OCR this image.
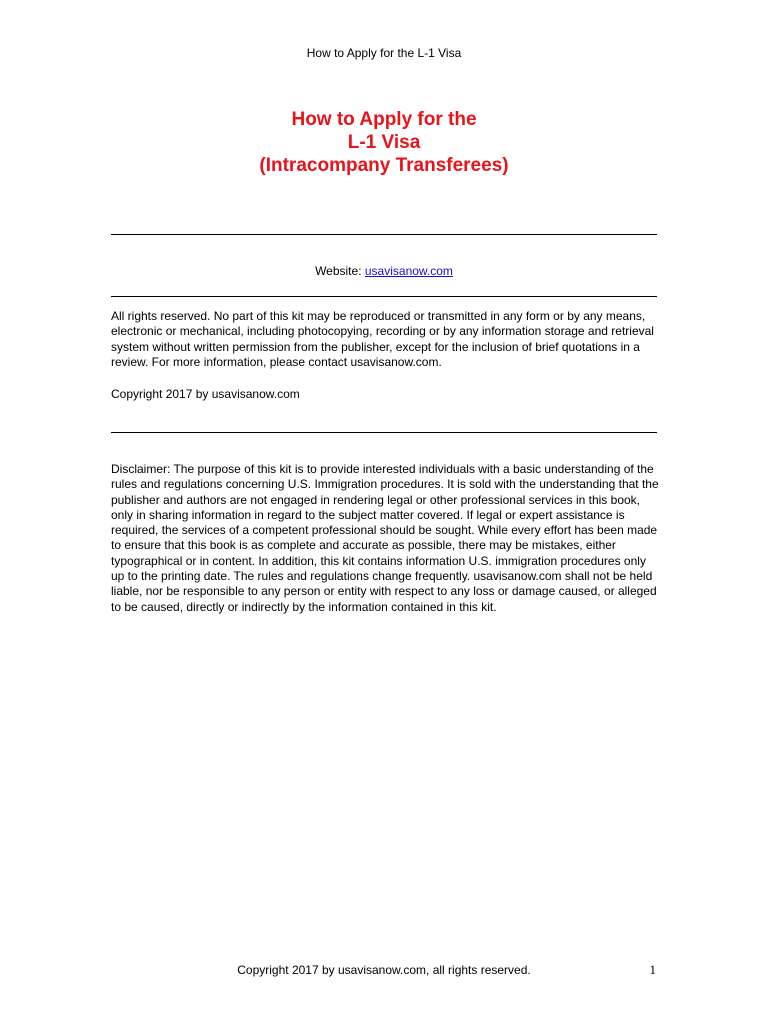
How to Apply for the L-1 Visa
How to Apply for the
L-1 Visa
(Intracompany Transferees)
Website: usavisanow.com

All rights reserved. No part of this kit may be reproduced or transmitted in any form or by any means, electronic or mechanical, including photocopying, recording or by any information storage and retrieval system without written permission from the publisher, except for the inclusion of brief quotations in a review. For more information, please contact usavisanow.com.

Copyright 2017 by usavisanow.com

Disclaimer: The purpose of this kit is to provide interested individuals with a basic understanding of the rules and regulations concerning U.S. Immigration procedures. It is sold with the understanding that the publisher and authors are not engaged in rendering legal or other professional services in this book, only in sharing information in regard to the subject matter covered. If legal or expert assistance is required, the services of a competent professional should be sought. While every effort has been made to ensure that this book is as complete and accurate as possible, there may be mistakes, either typographical or in content. In addition, this kit contains information U.S. immigration procedures only up to the printing date. The rules and regulations change frequently. usavisanow.com shall not be held liable, nor be responsible to any person or entity with respect to any loss or damage caused, or alleged to be caused, directly or indirectly by the information contained in this kit.

Copyright 2017 by usavisanow.com, all rights reserved.	1
